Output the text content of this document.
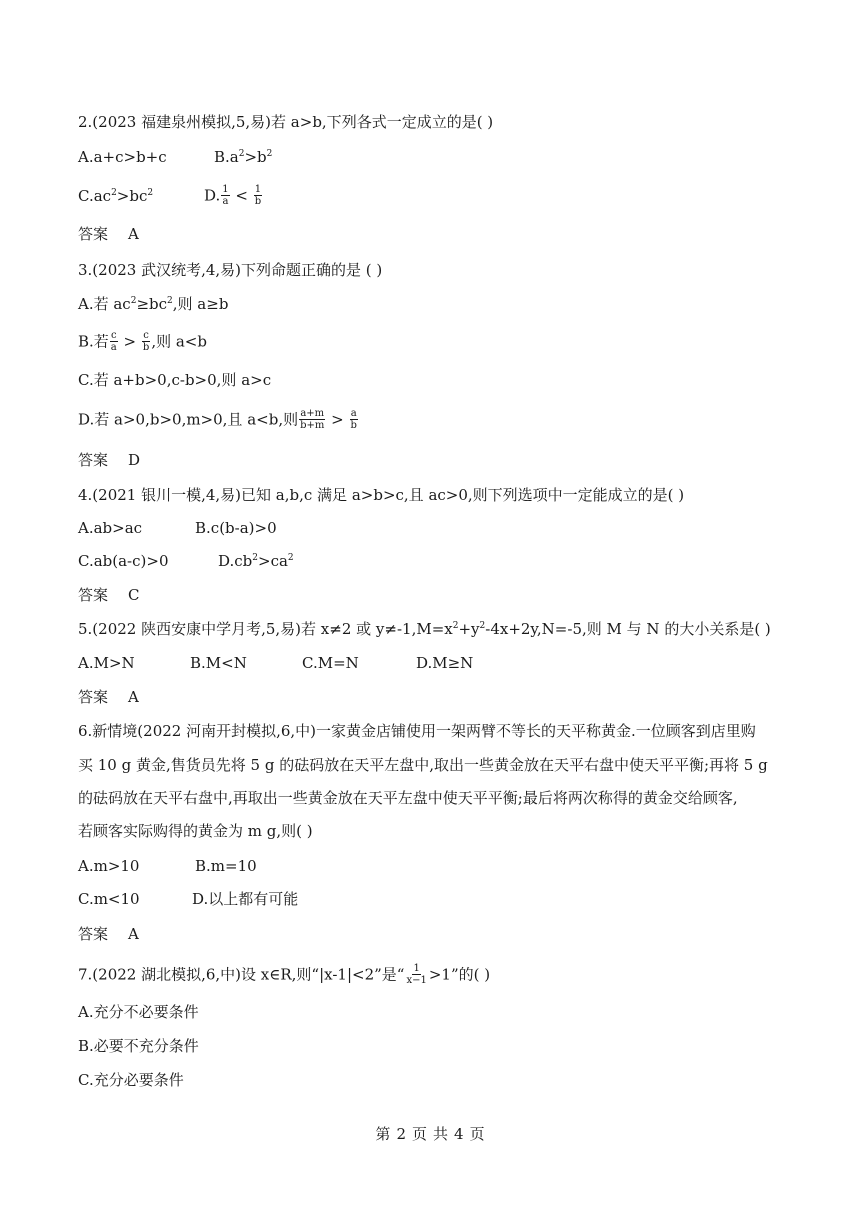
2.(2023 福建泉州模拟,5,易)若 a>b,下列各式一定成立的是( )
A.a+c>b+c	$B.a^2>b^2$
$C.ac^2>bc^2$	D. $\frac{1}{a} < \frac{1}{b}$
答案 A
3.(2023 武汉统考,4,易)下列命题正确的是 ( )
A.若 $ac^2\ge bc^2$,则 a≥b
B.若 $\frac{c}{a} > \frac{c}{b}$ ,则 a<b
C.若 a+b>0,c-b>0,则 a>c
D.若 a>0,b>0,m>0,且 a<b,则 $\frac{a+m}{b+m} > \frac{a}{b}$
答案 D
4.(2021 银川一模,4,易)已知 a,b,c 满足 a>b>c,且 ac>0,则下列选项中一定能成立的是( )
A.ab>ac	B.c(b-a)>0
C.ab(a-c)>0	$D.cb^2>ca^2$
答案 C
5.(2022 陕西安康中学月考,5,易)若 x≠2 或 $y\ne-1,M=x^2+y^2-4x+2y,N=-5$,则 M 与 N 的大小关系是( )
A.M>N	B.M<N	C.M=N	D.M≥N
答案 A
6.新情境(2022 河南开封模拟,6,中)一家黄金店铺使用一架两臂不等长的天平称黄金.一位顾客到店里购
买 10 g 黄金,售货员先将 5 g 的砝码放在天平左盘中,取出一些黄金放在天平右盘中使天平平衡;再将 5 g
的砝码放在天平右盘中,再取出一些黄金放在天平左盘中使天平平衡;最后将两次称得的黄金交给顾客,
若顾客实际购得的黄金为 m g,则( )
A.m>10	B.m=10
C.m<10	D.以上都有可能
答案 A
7.(2022 湖北模拟,6,中)设 x∈R,则“|x-1|<2”是“ $\frac{1}{x-1} >1$”的( )
A.充分不必要条件
B.必要不充分条件
C.充分必要条件
第 2 页 共 4 页
